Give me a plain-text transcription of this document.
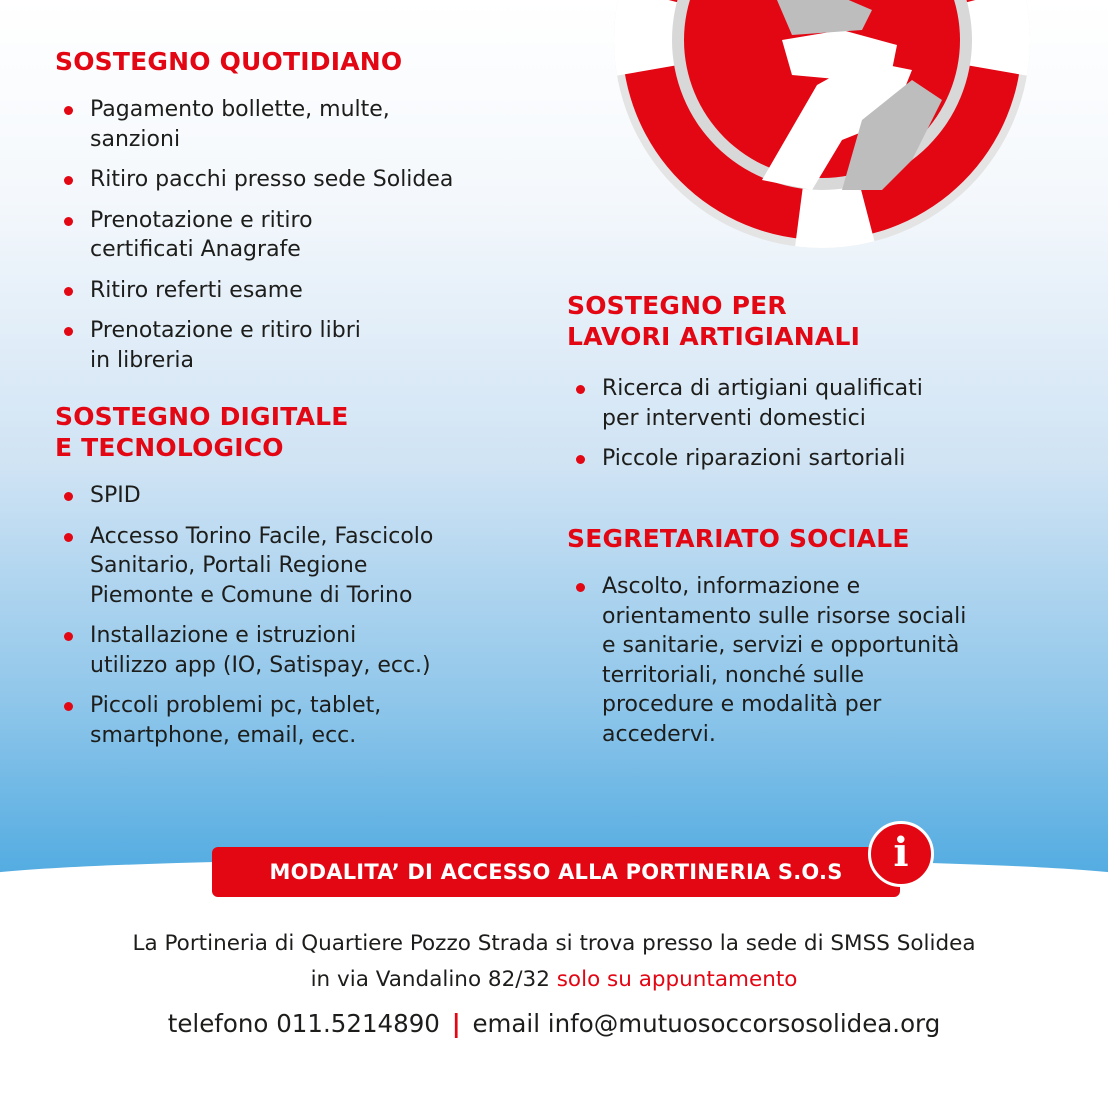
SOSTEGNO QUOTIDIANO
Pagamento bollette, multe,
sanzioni
Ritiro pacchi presso sede Solidea
Prenotazione e ritiro
certificati Anagrafe
Ritiro referti esame
Prenotazione e ritiro libri
in libreria
SOSTEGNO DIGITALE
E TECNOLOGICO
SPID
Accesso Torino Facile, Fascicolo
Sanitario, Portali Regione
Piemonte e Comune di Torino
Installazione e istruzioni
utilizzo app (IO, Satispay, ecc.)
Piccoli problemi pc, tablet,
smartphone, email, ecc.
SOSTEGNO PER
LAVORI ARTIGIANALI
Ricerca di artigiani qualificati
per interventi domestici
Piccole riparazioni sartoriali
SEGRETARIATO SOCIALE
Ascolto, informazione e
orientamento sulle risorse sociali
e sanitarie, servizi e opportunità
territoriali, nonché sulle
procedure e modalità per
accedervi.
MODALITA’ DI ACCESSO ALLA PORTINERIA S.O.S	i

La Portineria di Quartiere Pozzo Strada si trova presso la sede di SMSS Solidea

in via Vandalino 82/32 solo su appuntamento

telefono 011.5214890 | email info@mutuosoccorsosolidea.org
